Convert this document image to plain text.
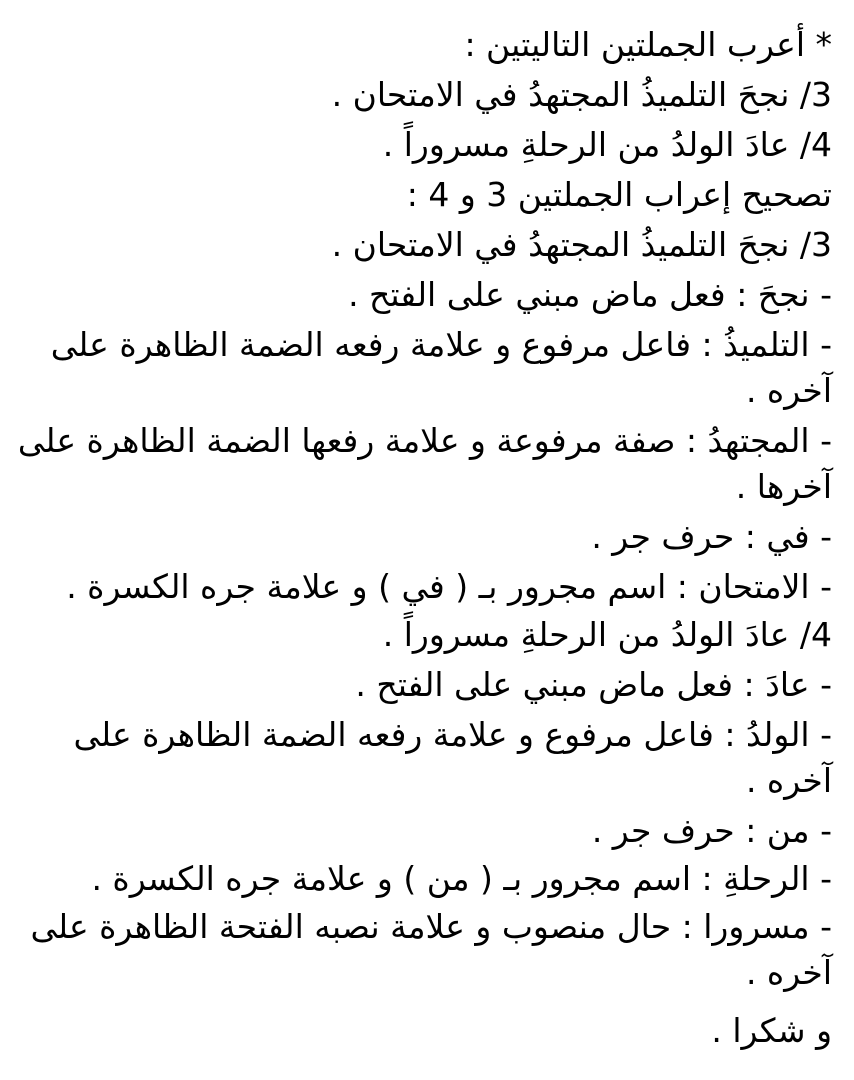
* أعرب الجملتين التاليتين :
3/ نجحَ التلميذُ المجتهدُ في الامتحان .
4/ عادَ الولدُ من الرحلةِ مسروراً .
تصحيح إعراب الجملتين 3 و 4 :
3/ نجحَ التلميذُ المجتهدُ في الامتحان .
- نجحَ : فعل ماض مبني على الفتح .
- التلميذُ : فاعل مرفوع و علامة رفعه الضمة الظاهرة على
آخره .
- المجتهدُ : صفة مرفوعة و علامة رفعها الضمة الظاهرة على
آخرها .
- في : حرف جر .
- الامتحان : اسم مجرور بـ ( في ) و علامة جره الكسرة .
4/ عادَ الولدُ من الرحلةِ مسروراً .
- عادَ : فعل ماض مبني على الفتح .
- الولدُ : فاعل مرفوع و علامة رفعه الضمة الظاهرة على
آخره .
- من : حرف جر .
- الرحلةِ : اسم مجرور بـ ( من ) و علامة جره الكسرة .
- مسرورا : حال منصوب و علامة نصبه الفتحة الظاهرة على
آخره .
و شكرا .
